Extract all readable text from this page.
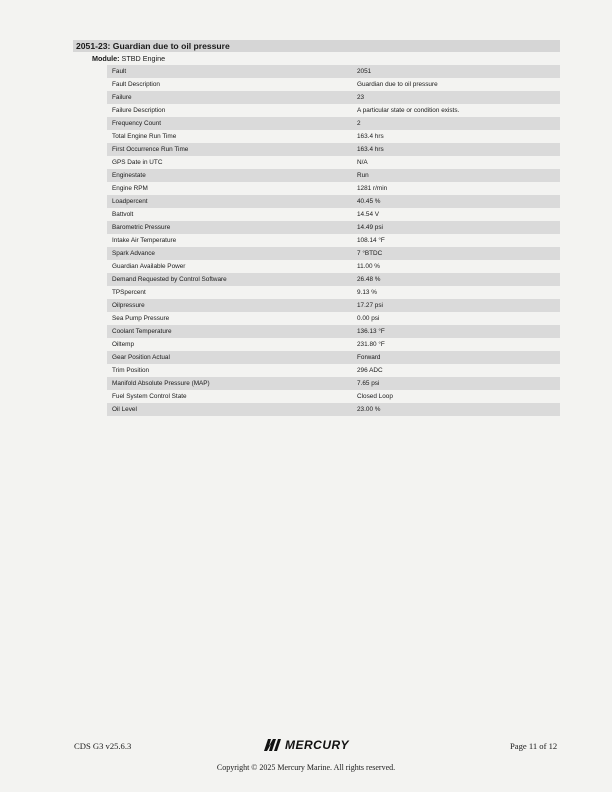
2051-23: Guardian due to oil pressure
Module: STBD Engine
Fault	2051
Fault Description	Guardian due to oil pressure
Failure	23
Failure Description	A particular state or condition exists.
Frequency Count	2
Total Engine Run Time	163.4 hrs
First Occurrence Run Time	163.4 hrs
GPS Date in UTC	N/A
Enginestate	Run
Engine RPM	1281 r/min
Loadpercent	40.45 %
Battvolt	14.54 V
Barometric Pressure	14.49 psi
Intake Air Temperature	108.14 °F
Spark Advance	7 °BTDC
Guardian Available Power	11.00 %
Demand Requested by Control Software	26.48 %
TPSpercent	9.13 %
Oilpressure	17.27 psi
Sea Pump Pressure	0.00 psi
Coolant Temperature	136.13 °F
Oiltemp	231.80 °F
Gear Position Actual	Forward
Trim Position	296 ADC
Manifold Absolute Pressure (MAP)	7.65 psi
Fuel System Control State	Closed Loop
Oil Level	23.00 %
CDS G3 v25.6.3	MERCURY	Page 11 of 12
Copyright © 2025 Mercury Marine. All rights reserved.
